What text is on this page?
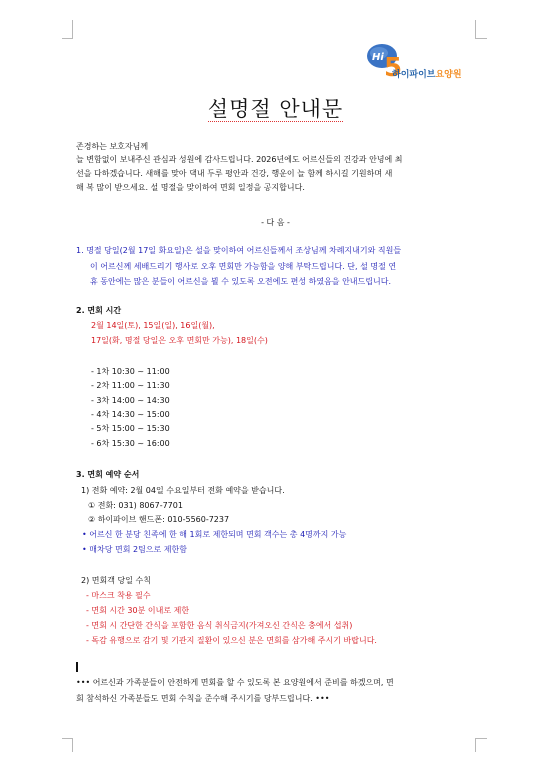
Hi 5
하이파이브요양원
설명절 안내문
존경하는 보호자님께
늘 변함없이 보내주신 관심과 성원에 감사드립니다. 2026년에도 어르신들의 건강과 안녕에 최
선을 다하겠습니다. 새해를 맞아 댁내 두루 평안과 건강, 행운이 늘 함께 하시길 기원하며 새
해 복 많이 받으세요. 설 명절을 맞이하여 면회 일정을 공지합니다.
- 다 음 -
1. 명절 당일(2월 17일 화요일)은 설을 맞이하여 어르신들께서 조상님께 차례지내기와 직원들
이 어르신께 세배드리기 행사로 오후 면회만 가능함을 양해 부탁드립니다. 단, 설 명절 연
휴 동안에는 많은 분들이 어르신을 뵐 수 있도록 오전에도 편성 하였음을 안내드립니다.
2. 면회 시간
2월 14일(토), 15일(일), 16일(월),
17일(화, 명절 당일은 오후 면회만 가능), 18일(수)
- 1차 10:30 ~ 11:00
- 2차 11:00 ~ 11:30
- 3차 14:00 ~ 14:30
- 4차 14:30 ~ 15:00
- 5차 15:00 ~ 15:30
- 6차 15:30 ~ 16:00
3. 면회 예약 순서
1) 전화 예약: 2월 04일 수요일부터 전화 예약을 받습니다.
① 전화: 031) 8067-7701
② 하이파이브 핸드폰: 010-5560-7237
• 어르신 한 분당 친족에 한 해 1회로 제한되며 면회 객수는 총 4명까지 가능
• 매차당 면회 2팀으로 제한함
2) 면회객 당일 수칙
- 마스크 착용 필수
- 면회 시간 30분 이내로 제한
- 면회 시 간단한 간식을 포함한 음식 취식금지(가져오신 간식은 충에서 섭취)
- 독감 유행으로 감기 및 기관지 질환이 있으신 분은 면회를 삼가해 주시기 바랍니다.
••• 어르신과 가족분들이 안전하게 면회를 할 수 있도록 본 요양원에서 준비를 하겠으며, 면
회 참석하신 가족분들도 면회 수칙을 준수해 주시기를 당부드립니다. •••
